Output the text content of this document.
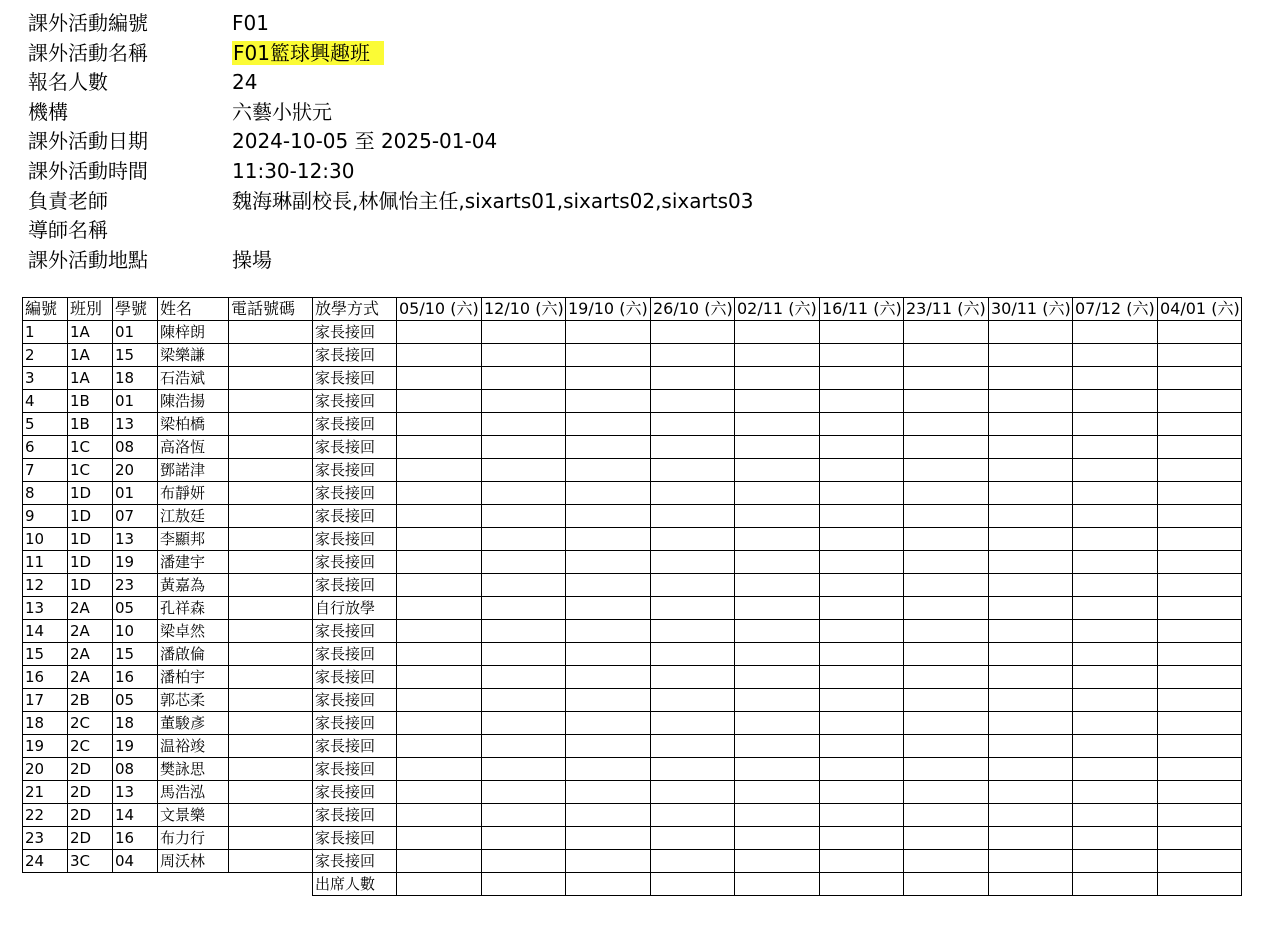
課外活動編號	F01
課外活動名稱	F01籃球興趣班
報名人數	24
機構	六藝小狀元
課外活動日期	2024-10-05 至 2025-01-04
課外活動時間	11:30-12:30
負責老師	魏海琳副校長,林佩怡主任,sixarts01,sixarts02,sixarts03
導師名稱
課外活動地點	操場
編號	班別	學號	姓名	電話號碼	放學方式	05/10 (六)	12/10 (六)	19/10 (六)	26/10 (六)	02/11 (六)	16/11 (六)	23/11 (六)	30/11 (六)	07/12 (六)	04/01 (六)
1	1A	01	陳梓朗		家長接回										
2	1A	15	梁樂謙		家長接回										
3	1A	18	石浩斌		家長接回										
4	1B	01	陳浩揚		家長接回										
5	1B	13	梁柏橋		家長接回										
6	1C	08	高洛恆		家長接回										
7	1C	20	鄧諾津		家長接回										
8	1D	01	布靜妍		家長接回										
9	1D	07	江敖廷		家長接回										
10	1D	13	李顯邦		家長接回										
11	1D	19	潘建宇		家長接回										
12	1D	23	黃嘉為		家長接回										
13	2A	05	孔祥森		自行放學										
14	2A	10	梁卓然		家長接回										
15	2A	15	潘啟倫		家長接回										
16	2A	16	潘柏宇		家長接回										
17	2B	05	郭芯柔		家長接回										
18	2C	18	董駿彥		家長接回										
19	2C	19	温裕竣		家長接回										
20	2D	08	樊詠思		家長接回										
21	2D	13	馬浩泓		家長接回										
22	2D	14	文景樂		家長接回										
23	2D	16	布力行		家長接回										
24	3C	04	周沃林		家長接回										
					出席人數										
